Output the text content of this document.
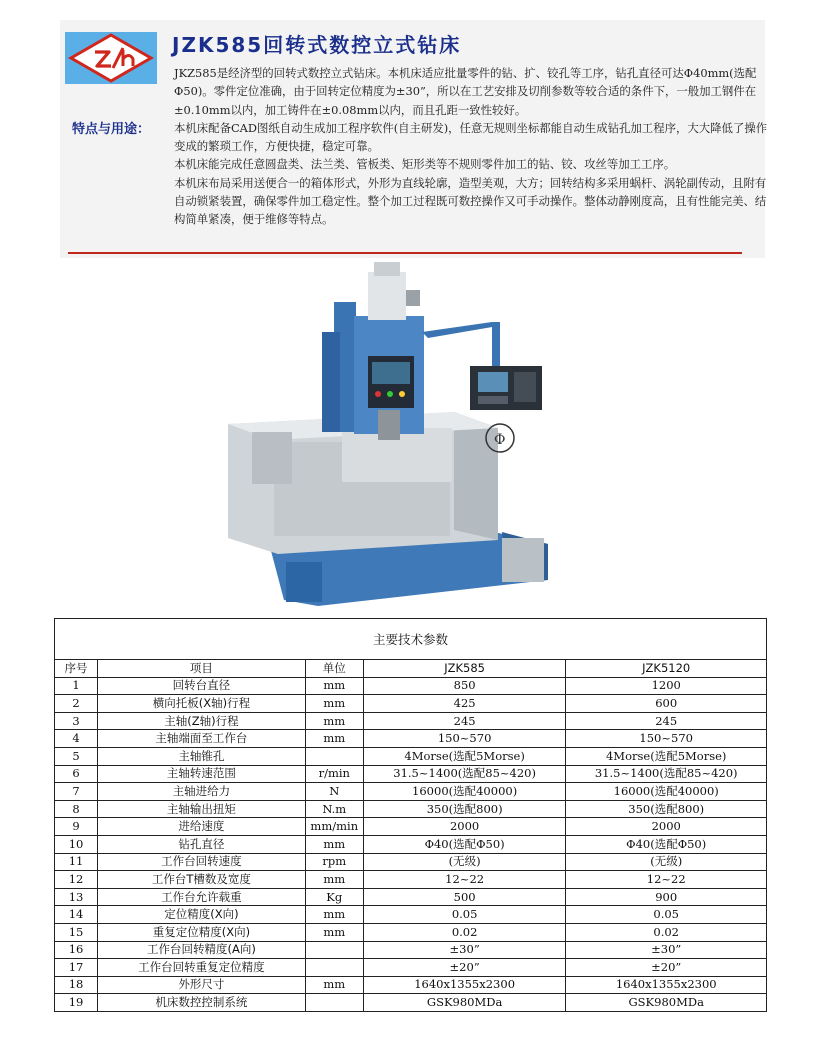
JZK585回转式数控立式钻床
特点与用途：

JKZ585是经济型的回转式数控立式钻床。本机床适应批量零件的钻、扩、铰孔等工序，钻孔直径可达Φ40mm(选配Φ50)。零件定位准确，由于回转定位精度为±30”，所以在工艺安排及切削参数等较合适的条件下，一般加工钢件在±0.10mm以内，加工铸件在±0.08mm以内，而且孔距一致性较好。

本机床配备CAD图纸自动生成加工程序软件(自主研发)，任意无规则坐标都能自动生成钻孔加工程序，大大降低了操作变成的繁琐工作，方便快捷，稳定可靠。

本机床能完成任意圆盘类、法兰类、管板类、矩形类等不规则零件加工的钻、铰、攻丝等加工工序。

本机床布局采用送便合一的箱体形式，外形为直线轮廓，造型美观，大方；回转结构多采用蜗杆、涡轮副传动，且附有自动锁紧装置，确保零件加工稳定性。整个加工过程既可数控操作又可手动操作。整体动静刚度高，且有性能完美、结构简单紧凑，便于维修等特点。

Φ
主要技术参数				
序号	项目	单位	JZK585	JZK5120
1	回转台直径	mm	850	1200
2	横向托板(X轴)行程	mm	425	600
3	主轴(Z轴)行程	mm	245	245
4	主轴端面至工作台	mm	150~570	150~570
5	主轴锥孔		4Morse(选配5Morse)	4Morse(选配5Morse)
6	主轴转速范围	r/min	31.5~1400(选配85~420)	31.5~1400(选配85~420)
7	主轴进给力	N	16000(选配40000)	16000(选配40000)
8	主轴输出扭矩	N.m	350(选配800)	350(选配800)
9	进给速度	mm/min	2000	2000
10	钻孔直径	mm	Φ40(选配Φ50)	Φ40(选配Φ50)
11	工作台回转速度	rpm	(无级)	(无级)
12	工作台T槽数及宽度	mm	12~22	12~22
13	工作台允许载重	Kg	500	900
14	定位精度(X向)	mm	0.05	0.05
15	重复定位精度(X向)	mm	0.02	0.02
16	工作台回转精度(A向)		±30”	±30”
17	工作台回转重复定位精度		±20”	±20”
18	外形尺寸	mm	1640x1355x2300	1640x1355x2300
19	机床数控控制系统		GSK980MDa	GSK980MDa
